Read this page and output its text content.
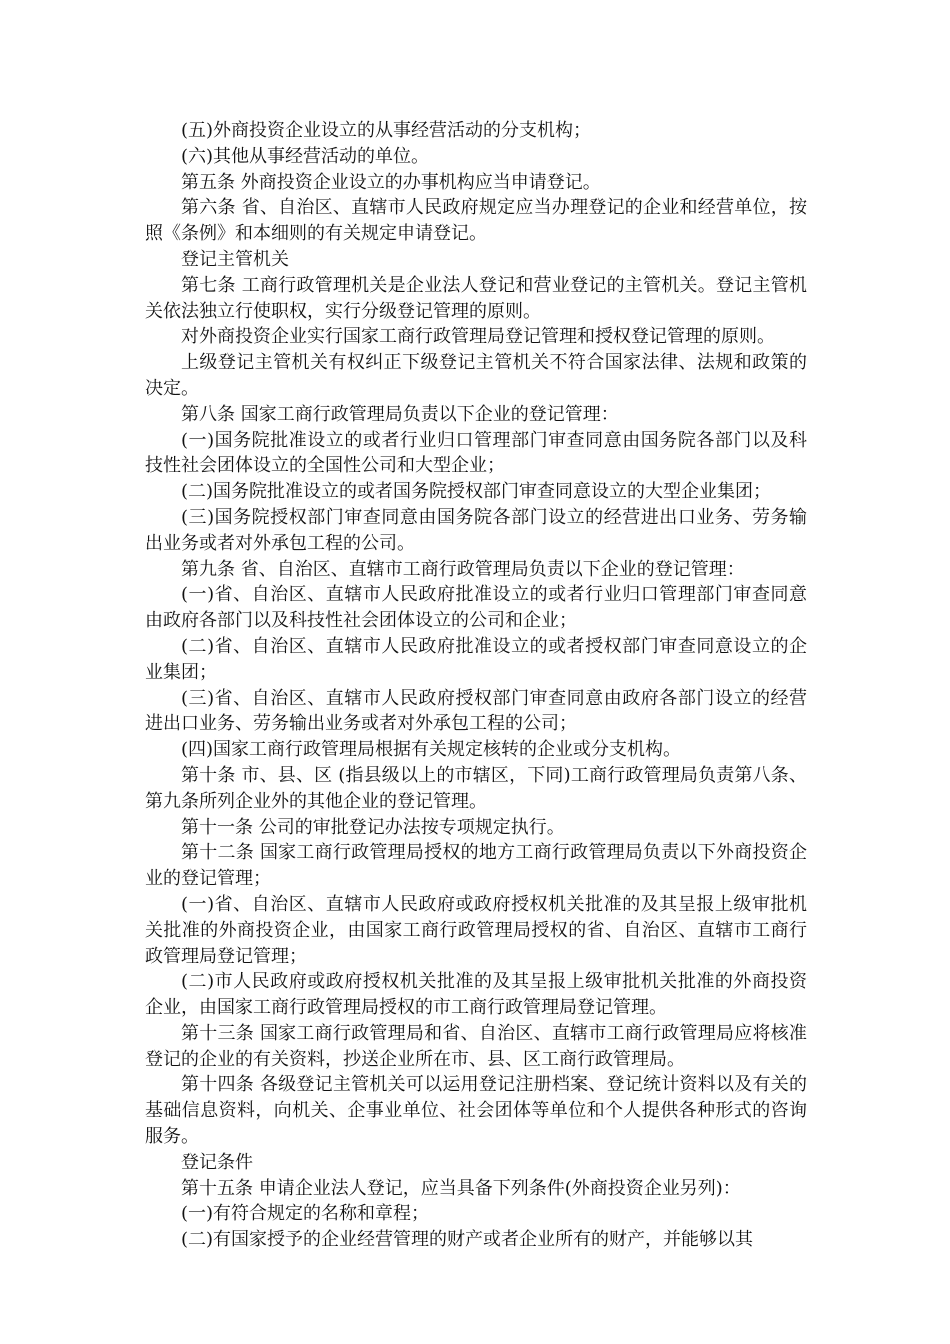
(五)外商投资企业设立的从事经营活动的分支机构；

(六)其他从事经营活动的单位。

第五条 外商投资企业设立的办事机构应当申请登记。

第六条 省、自治区、直辖市人民政府规定应当办理登记的企业和经营单位，按照《条例》和本细则的有关规定申请登记。

登记主管机关

第七条 工商行政管理机关是企业法人登记和营业登记的主管机关。登记主管机关依法独立行使职权，实行分级登记管理的原则。

对外商投资企业实行国家工商行政管理局登记管理和授权登记管理的原则。

上级登记主管机关有权纠正下级登记主管机关不符合国家法律、法规和政策的决定。

第八条 国家工商行政管理局负责以下企业的登记管理：

(一)国务院批准设立的或者行业归口管理部门审查同意由国务院各部门以及科技性社会团体设立的全国性公司和大型企业；

(二)国务院批准设立的或者国务院授权部门审查同意设立的大型企业集团；

(三)国务院授权部门审查同意由国务院各部门设立的经营进出口业务、劳务输出业务或者对外承包工程的公司。

第九条 省、自治区、直辖市工商行政管理局负责以下企业的登记管理：

(一)省、自治区、直辖市人民政府批准设立的或者行业归口管理部门审查同意由政府各部门以及科技性社会团体设立的公司和企业；

(二)省、自治区、直辖市人民政府批准设立的或者授权部门审查同意设立的企业集团；

(三)省、自治区、直辖市人民政府授权部门审查同意由政府各部门设立的经营进出口业务、劳务输出业务或者对外承包工程的公司；

(四)国家工商行政管理局根据有关规定核转的企业或分支机构。

第十条 市、县、区 (指县级以上的市辖区，下同)工商行政管理局负责第八条、第九条所列企业外的其他企业的登记管理。

第十一条 公司的审批登记办法按专项规定执行。

第十二条 国家工商行政管理局授权的地方工商行政管理局负责以下外商投资企业的登记管理；

(一)省、自治区、直辖市人民政府或政府授权机关批准的及其呈报上级审批机关批准的外商投资企业，由国家工商行政管理局授权的省、自治区、直辖市工商行政管理局登记管理；

(二)市人民政府或政府授权机关批准的及其呈报上级审批机关批准的外商投资企业，由国家工商行政管理局授权的市工商行政管理局登记管理。

第十三条 国家工商行政管理局和省、自治区、直辖市工商行政管理局应将核准登记的企业的有关资料，抄送企业所在市、县、区工商行政管理局。

第十四条 各级登记主管机关可以运用登记注册档案、登记统计资料以及有关的基础信息资料，向机关、企事业单位、社会团体等单位和个人提供各种形式的咨询服务。

登记条件

第十五条 申请企业法人登记，应当具备下列条件(外商投资企业另列)：

(一)有符合规定的名称和章程；

(二)有国家授予的企业经营管理的财产或者企业所有的财产，并能够以其
